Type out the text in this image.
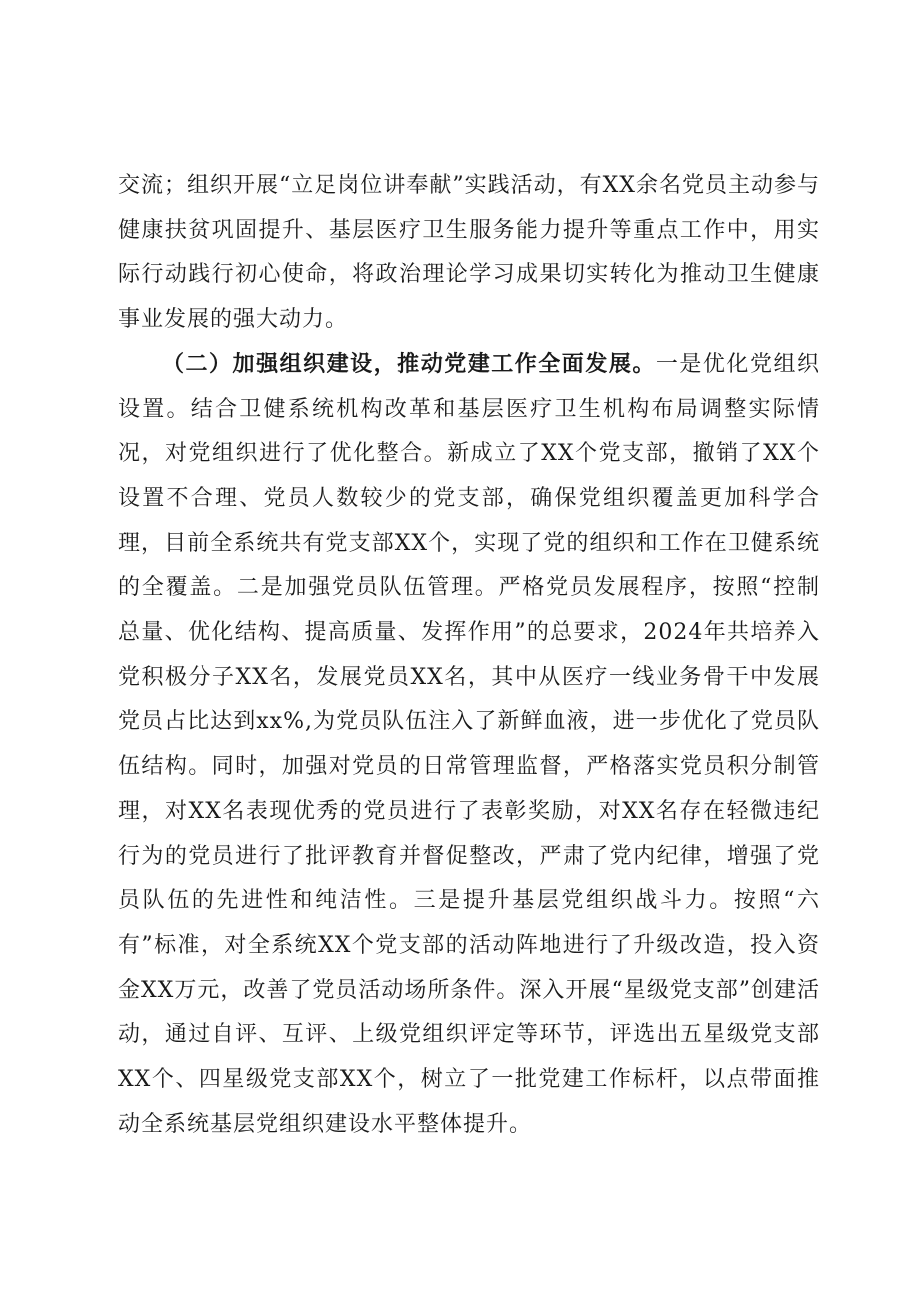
交流；组织开展“立足岗位讲奉献”实践活动，有XX余名党员主动参与健康扶贫巩固提升、基层医疗卫生服务能力提升等重点工作中，用实际行动践行初心使命，将政治理论学习成果切实转化为推动卫生健康事业发展的强大动力。

（二）加强组织建设，推动党建工作全面发展。一是优化党组织设置。结合卫健系统机构改革和基层医疗卫生机构布局调整实际情况，对党组织进行了优化整合。新成立了XX个党支部，撤销了XX个设置不合理、党员人数较少的党支部，确保党组织覆盖更加科学合理，目前全系统共有党支部XX个，实现了党的组织和工作在卫健系统的全覆盖。二是加强党员队伍管理。严格党员发展程序，按照“控制总量、优化结构、提高质量、发挥作用”的总要求，2024年共培养入党积极分子XX名，发展党员XX名，其中从医疗一线业务骨干中发展党员占比达到xx%,为党员队伍注入了新鲜血液，进一步优化了党员队伍结构。同时，加强对党员的日常管理监督，严格落实党员积分制管理，对XX名表现优秀的党员进行了表彰奖励，对XX名存在轻微违纪行为的党员进行了批评教育并督促整改，严肃了党内纪律，增强了党员队伍的先进性和纯洁性。三是提升基层党组织战斗力。按照“六有”标准，对全系统XX个党支部的活动阵地进行了升级改造，投入资金XX万元，改善了党员活动场所条件。深入开展“星级党支部”创建活动，通过自评、互评、上级党组织评定等环节，评选出五星级党支部XX个、四星级党支部XX个，树立了一批党建工作标杆，以点带面推动全系统基层党组织建设水平整体提升。
